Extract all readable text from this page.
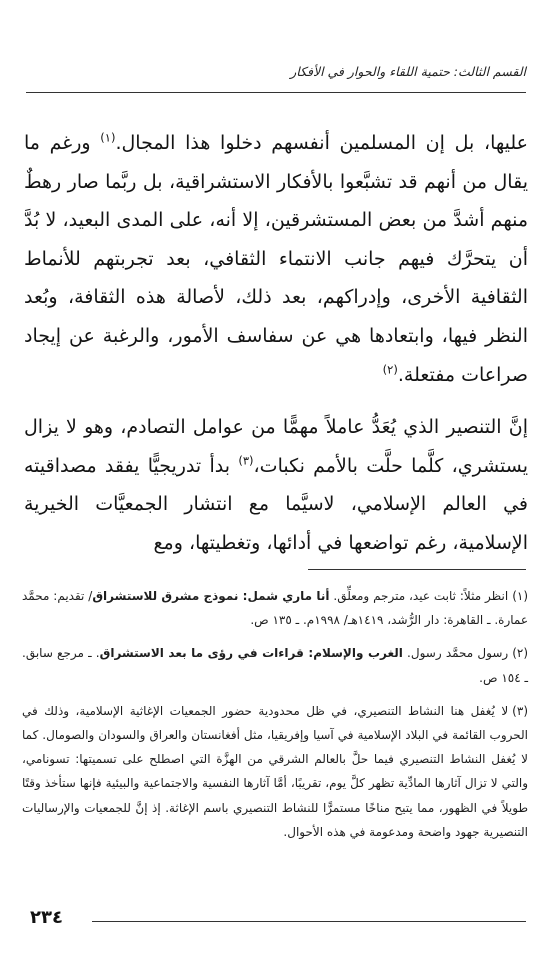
القسم الثالث: حتمية اللقاء والحوار في الأفكار

عليها، بل إن المسلمين أنفسهم دخلوا هذا المجال.$^{(١)}$ ورغم ما يقال من أنهم قد تشبَّعوا بالأفكار الاستشراقية، بل ربَّما صار رهطٌ منهم أشدَّ من بعض المستشرقين، إلا أنه، على المدى البعيد، لا بُدَّ أن يتحرَّك فيهم جانب الانتماء الثقافي، بعد تجربتهم للأنماط الثقافية الأخرى، وإدراكهم، بعد ذلك، لأصالة هذه الثقافة، وبُعد النظر فيها، وابتعادها هي عن سفاسف الأمور، والرغبة عن إيجاد صراعات مفتعلة.$^{(٢)}$

إنَّ التنصير الذي يُعَدُّ عاملاً مهمًّا من عوامل التصادم، وهو لا يزال يستشري، كلَّما حلَّت بالأمم نكبات،$^{(٣)}$ بدأ تدريجيًّا يفقد مصداقيته في العالم الإسلامي، لاسيَّما مع انتشار الجمعيَّات الخيرية الإسلامية، رغم تواضعها في أدائها، وتغطيتها، ومع

(١)انظر مثلاً: ثابت عيد، مترجم ومعلِّق. أنا ماري شمل: نموذج مشرق للاستشراق/ تقديم: محمَّد عمارة. ـ القاهرة: دار الرُّشد، ١٤١٩هـ/ ١٩٩٨م. ـ ١٣٥ ص.

(٢)رسول محمَّد رسول. الغرب والإسلام: قراءات في رؤى ما بعد الاستشراق. ـ مرجع سابق. ـ ١٥٤ ص.

(٣)لا يُغفل هنا النشاط التنصيري، في ظل محدودية حضور الجمعيات الإغاثية الإسلامية، وذلك في الحروب القائمة في البلاد الإسلامية في آسيا وإفريقيا، مثل أفغانستان والعراق والسودان والصومال. كما لا يُغفل النشاط التنصيري فيما حلَّ بالعالم الشرقي من الهزَّة التي اصطلح على تسميتها: تسونامي، والتي لا تزال آثارها المادِّية تظهر كلَّ يوم، تقريبًا، أمَّا آثارها النفسية والاجتماعية والبيئية فإنها ستأخذ وقتًا طويلاً في الظهور، مما يتيح مناخًا مستمرًّا للنشاط التنصيري باسم الإغاثة. إذ إنَّ للجمعيات والإرساليات التنصيرية جهود واضحة ومدعومة في هذه الأحوال.

٢٣٤
